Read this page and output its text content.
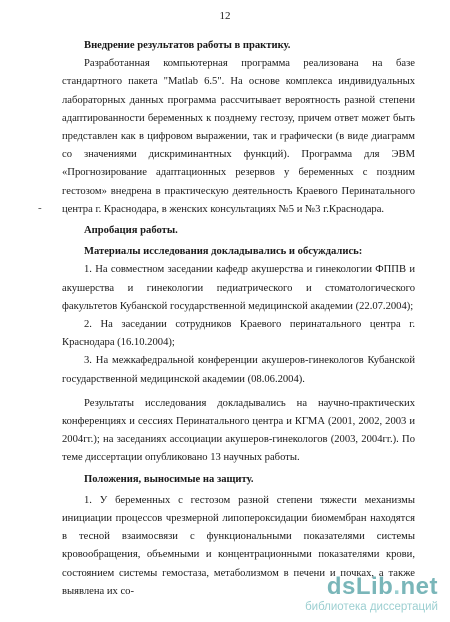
12
-

Внедрение результатов работы в практику.

Разработанная компьютерная программа реализована на базе стандартного пакета "Matlab 6.5". На основе комплекса индивидуальных лабораторных данных программа рассчитывает вероятность разной степени адаптированности беременных к позднему гестозу, причем ответ может быть представлен как в цифровом выражении, так и графически (в виде диаграмм со значениями дискриминантных функций). Программа для ЭВМ «Прогнозирование адаптационных резервов у беременных с поздним гестозом» внедрена в практическую деятельность Краевого Перинатального центра г. Краснодара, в женских консультациях №5 и №3 г.Краснодара.

Апробация работы.

Материалы исследования докладывались и обсуждались:

1. На совместном заседании кафедр акушерства и гинекологии ФППВ и акушерства и гинекологии педиатрического и стоматологического факультетов Кубанской государственной медицинской академии (22.07.2004);

2. На заседании сотрудников Краевого перинатального центра г. Краснодара (16.10.2004);

3. На межкафедральной конференции акушеров-гинекологов Кубанской государственной медицинской академии (08.06.2004).

Результаты исследования докладывались на научно-практических конференциях и сессиях Перинатального центра и КГМА (2001, 2002, 2003 и 2004гг.); на заседаниях ассоциации акушеров-гинекологов (2003, 2004гг.). По теме диссертации опубликовано 13 научных работы.

Положения, выносимые на защиту.

1. У беременных с гестозом разной степени тяжести механизмы инициации процессов чрезмерной липопероксидации биомембран находятся в тесной взаимосвязи с функциональными показателями системы кровообращения, объемными и концентрационными показателями крови, состоянием системы гемостаза, метаболизмом в печени и почках, а также выявлена их со-	dsLib.net
библиотека диссертаций
